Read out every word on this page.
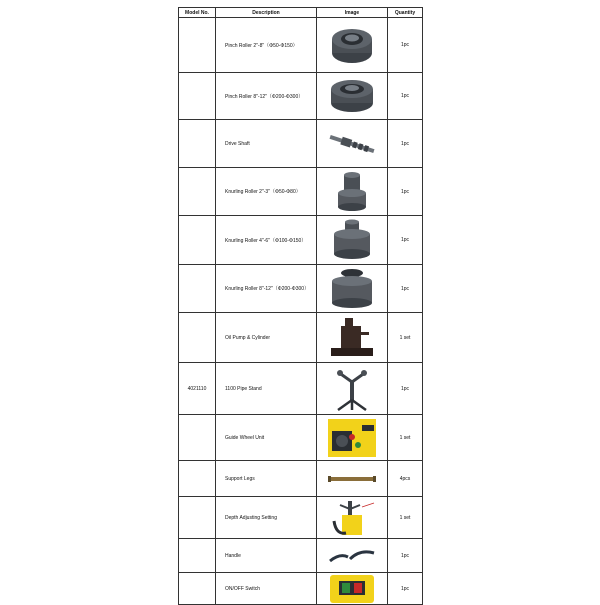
Model No.	Description	Image	Quantity
	Pinch Roller 2"-8"（Φ50-Φ150）		1pc
	Pinch Roller 8"-12"（Φ200-Φ300）		1pc
	Drive Shaft		1pc
	Knurling Roller 2"-3"（Φ50-Φ80）		1pc
	Knurling Roller 4"-6"（Φ100-Φ150）		1pc
	Knurling Roller 8"-12"（Φ200-Φ300）		1pc
	Oil Pump & Cylinder		1 set
4021110	1100 Pipe Stand		1pc
	Guide Wheel Unit		1 set
	Support Legs		4pcs
	Depth Adjusting Setting		1 set
	Handle		1pc
	ON/OFF Switch		1pc
